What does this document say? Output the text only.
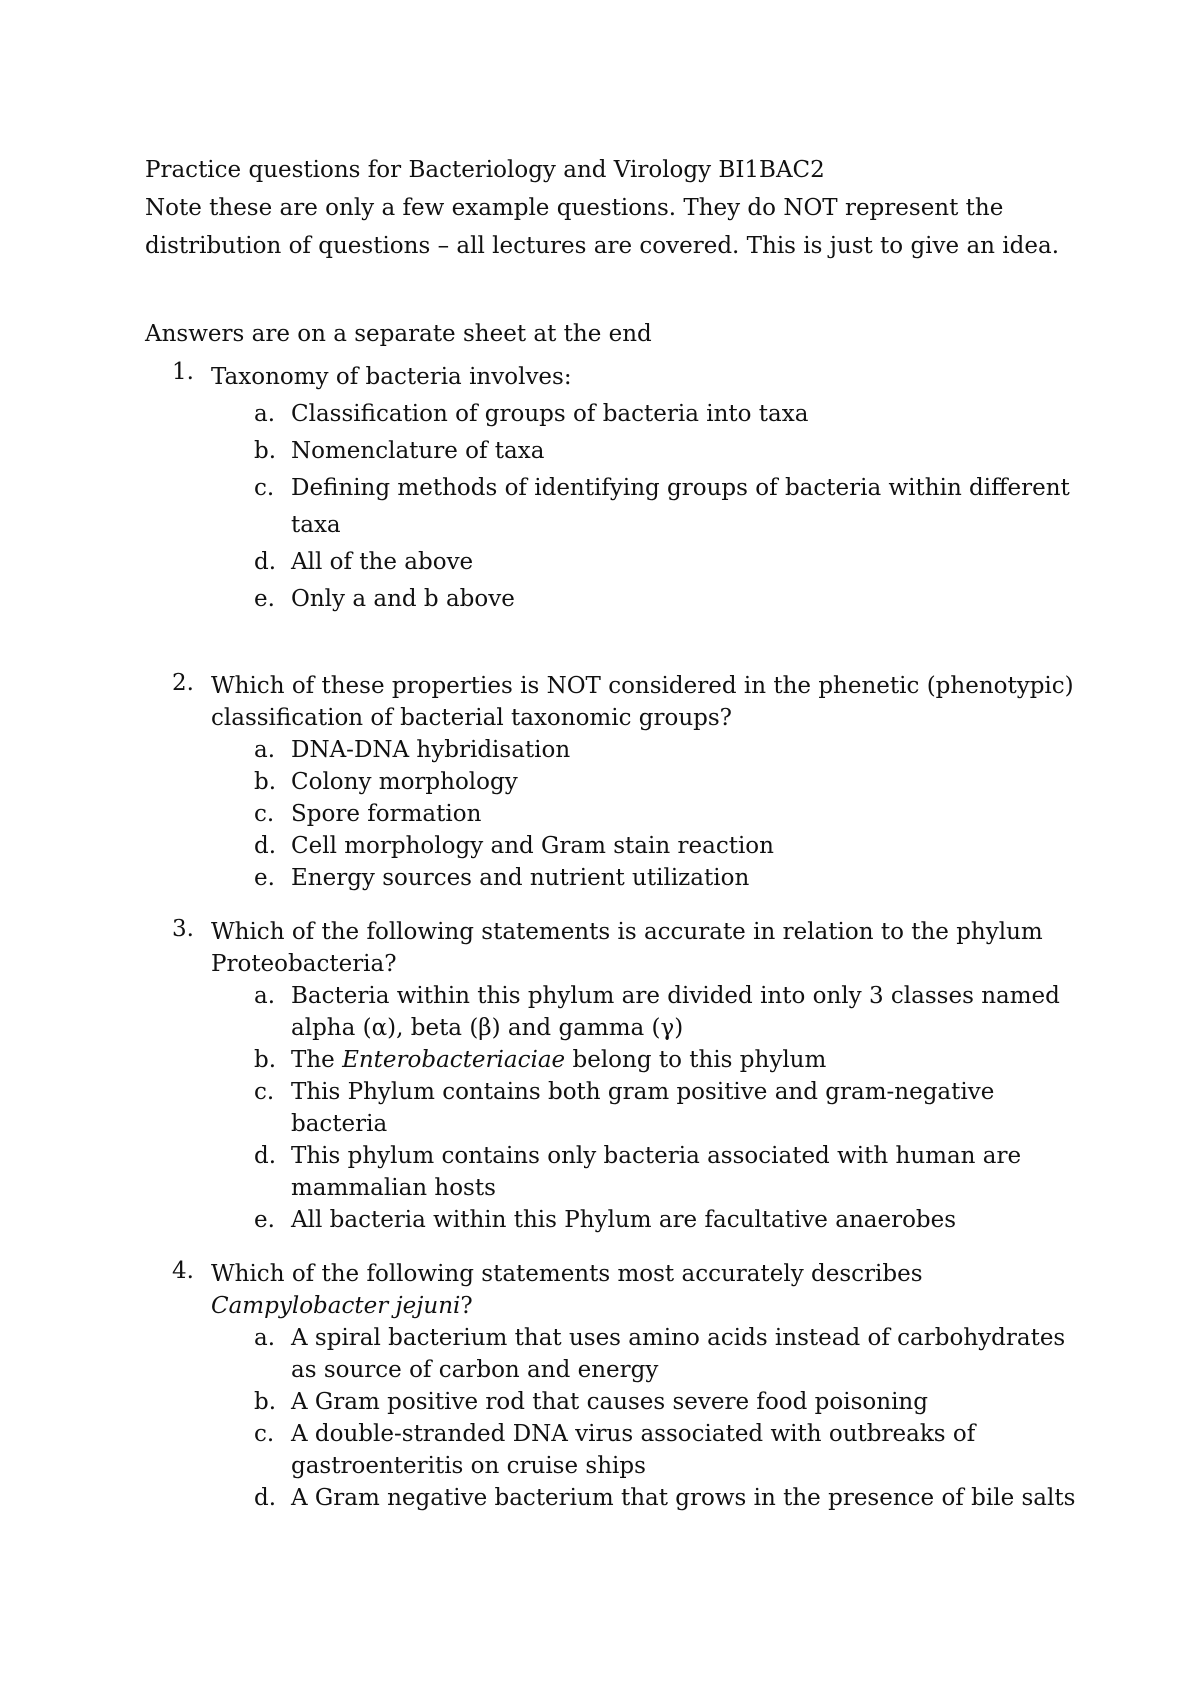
Practice questions for Bacteriology and Virology BI1BAC2
Note these are only a few example questions. They do NOT represent the
distribution of questions – all lectures are covered. This is just to give an idea.
Answers are on a separate sheet at the end
1. Taxonomy of bacteria involves:
a. Classification of groups of bacteria into taxa
b. Nomenclature of taxa
c. Defining methods of identifying groups of bacteria within different
taxa
d. All of the above
e. Only a and b above
2. Which of these properties is NOT considered in the phenetic (phenotypic)
classification of bacterial taxonomic groups?
a. DNA-DNA hybridisation
b. Colony morphology
c. Spore formation
d. Cell morphology and Gram stain reaction
e. Energy sources and nutrient utilization
3. Which of the following statements is accurate in relation to the phylum
Proteobacteria?
a. Bacteria within this phylum are divided into only 3 classes named
alpha (α), beta (β) and gamma (γ)
b. The Enterobacteriaciae belong to this phylum
c. This Phylum contains both gram positive and gram-negative
bacteria
d. This phylum contains only bacteria associated with human are
mammalian hosts
e. All bacteria within this Phylum are facultative anaerobes
4. Which of the following statements most accurately describes
Campylobacter jejuni?
a. A spiral bacterium that uses amino acids instead of carbohydrates
as source of carbon and energy
b. A Gram positive rod that causes severe food poisoning
c. A double-stranded DNA virus associated with outbreaks of
gastroenteritis on cruise ships
d. A Gram negative bacterium that grows in the presence of bile salts
